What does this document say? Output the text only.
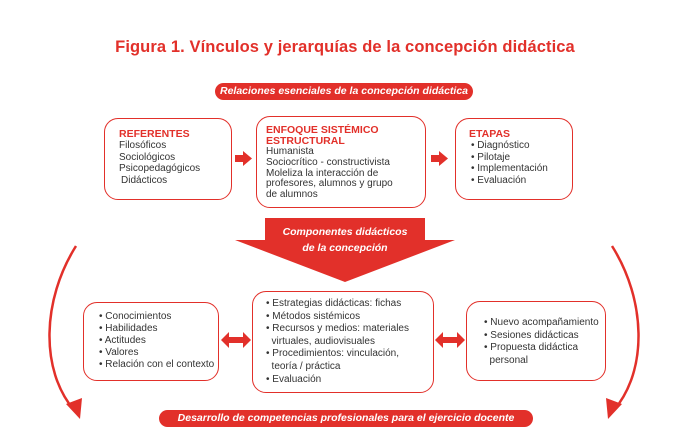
Figura 1. Vínculos y jerarquías de la concepción didáctica
Relaciones esenciales de la concepción didáctica
REFERENTES
Filosóficos
Sociológicos
Psicopedagógicos
Didácticos
ENFOQUE SISTÉMICO
ESTRUCTURAL
Humanista
Sociocrítico - constructivista
Moleliza la interacción de
profesores, alumnos y grupo
de alumnos
ETAPAS
• Diagnóstico
• Pilotaje
• Implementación
• Evaluación
Componentes didácticos
de la concepción
• Conocimientos
• Habilidades
• Actitudes
• Valores
• Relación con el contexto
• Estrategias didácticas: fichas
• Métodos sistémicos
• Recursos y medios: materiales
virtuales, audiovisuales
• Procedimientos: vinculación,
teoría / práctica
• Evaluación
• Nuevo acompañamiento
• Sesiones didácticas
• Propuesta didáctica
personal
Desarrollo de competencias profesionales para el ejercicio docente
